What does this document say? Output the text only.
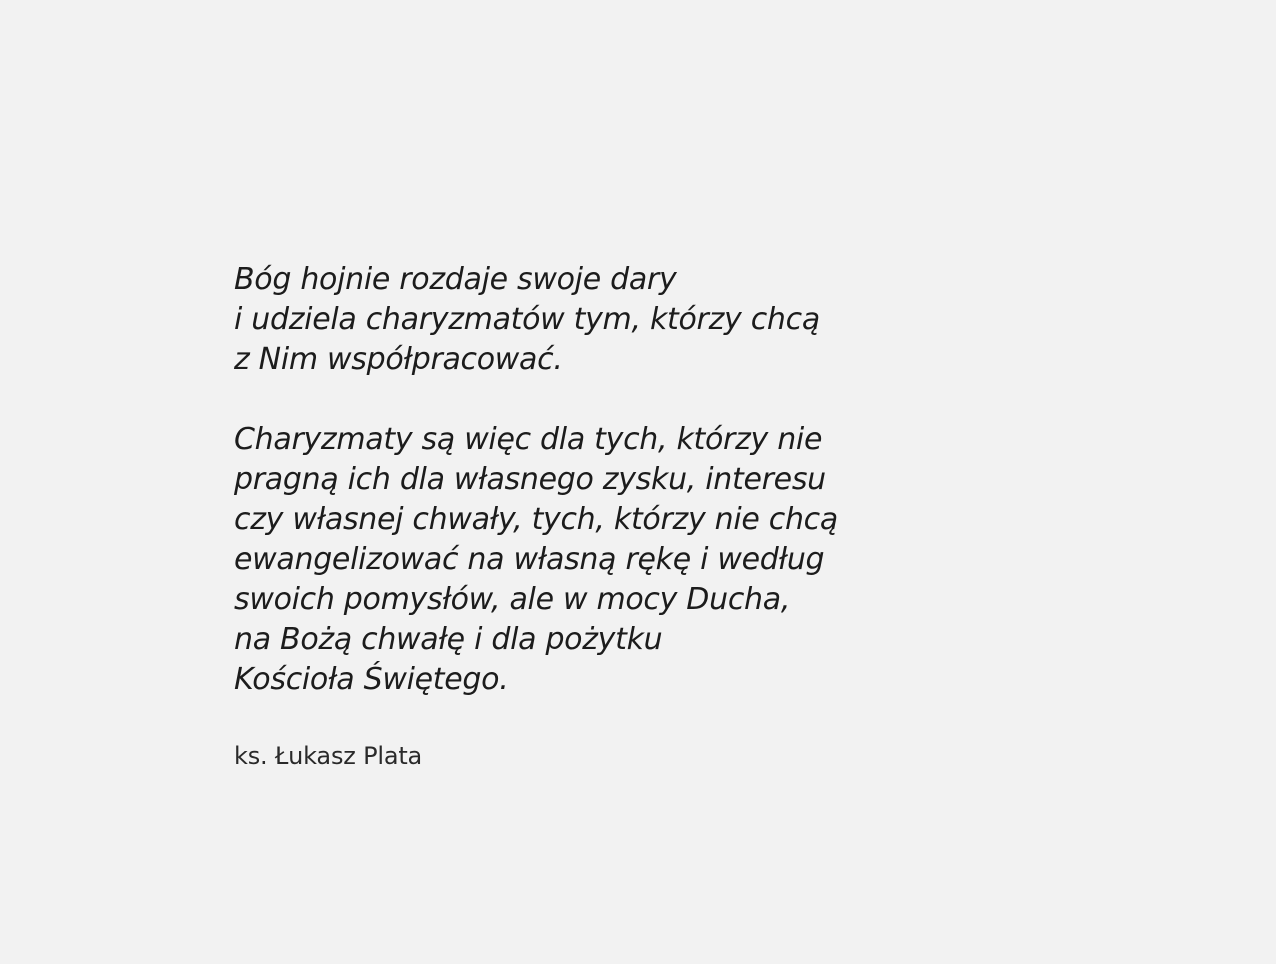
Bóg hojnie rozdaje swoje dary
i udziela charyzmatów tym, którzy chcą
z Nim współpracować.

Charyzmaty są więc dla tych, którzy nie
pragną ich dla własnego zysku, interesu
czy własnej chwały, tych, którzy nie chcą
ewangelizować na własną rękę i według
swoich pomysłów, ale w mocy Ducha,
na Bożą chwałę i dla pożytku
Kościoła Świętego.

ks. Łukasz Plata
